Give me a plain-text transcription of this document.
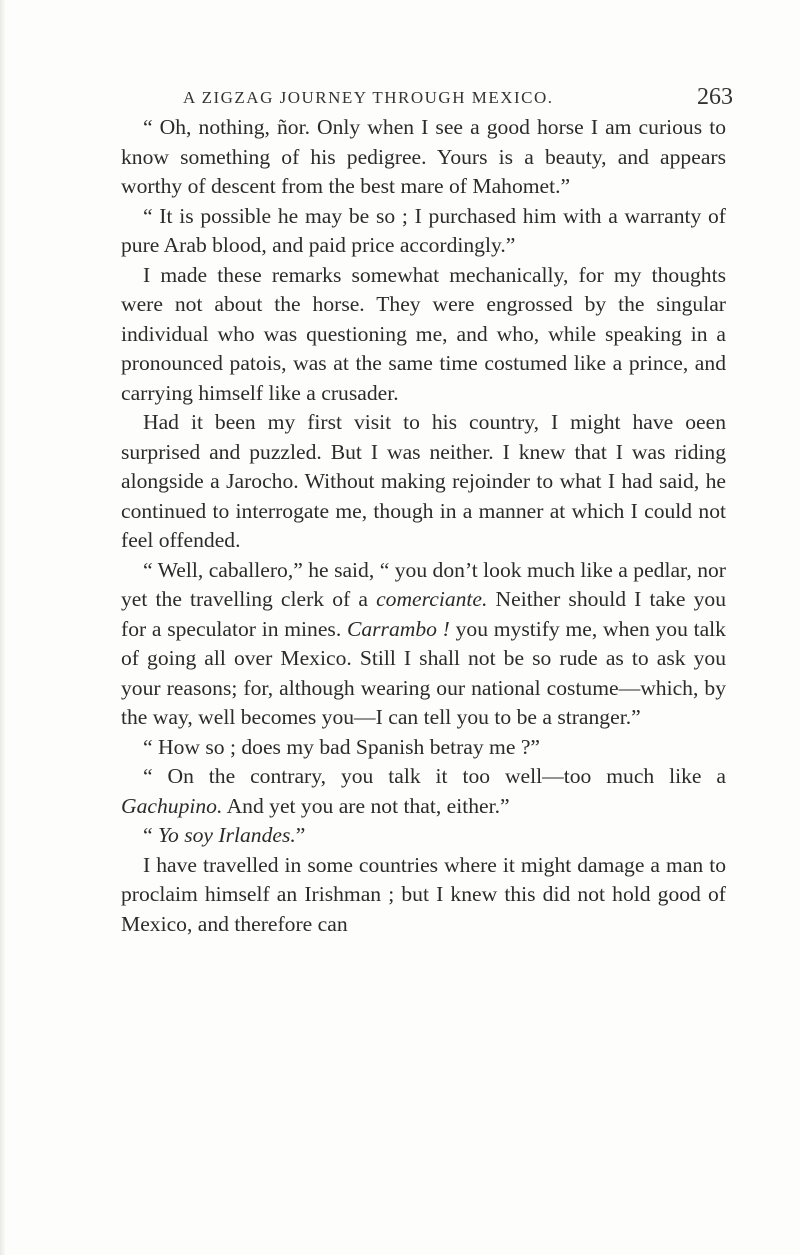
A ZIGZAG JOURNEY THROUGH MEXICO.	263

“ Oh, nothing, ñor. Only when I see a good horse I am curious to know something of his pedigree. Yours is a beauty, and appears worthy of descent from the best mare of Mahomet.”

“ It is possible he may be so ; I purchased him with a warranty of pure Arab blood, and paid price accordingly.”

I made these remarks somewhat mechanically, for my thoughts were not about the horse. They were engrossed by the singular individual who was questioning me, and who, while speaking in a pronounced patois, was at the same time costumed like a prince, and carrying himself like a crusader.

Had it been my first visit to his country, I might have oeen surprised and puzzled. But I was neither. I knew that I was riding alongside a Jarocho. Without making rejoinder to what I had said, he continued to interrogate me, though in a manner at which I could not feel offended.

“ Well, caballero,” he said, “ you don’t look much like a pedlar, nor yet the travelling clerk of a comerciante. Neither should I take you for a speculator in mines. Carrambo ! you mystify me, when you talk of going all over Mexico. Still I shall not be so rude as to ask you your reasons; for, although wearing our national costume—which, by the way, well becomes you—I can tell you to be a stranger.”

“ How so ; does my bad Spanish betray me ?”

“ On the contrary, you talk it too well—too much like a Gachupino. And yet you are not that, either.”

“ Yo soy Irlandes.”

I have travelled in some countries where it might damage a man to proclaim himself an Irishman ; but I knew this did not hold good of Mexico, and therefore can
